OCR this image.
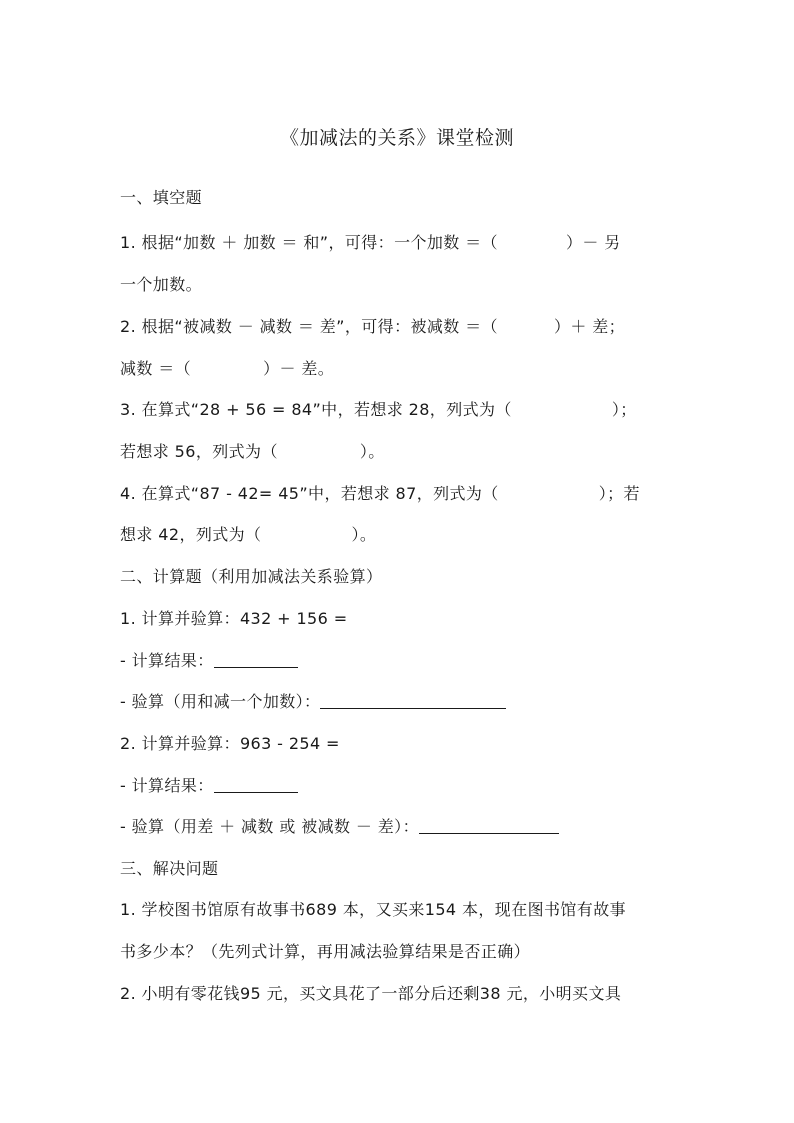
《加减法的关系》课堂检测
一、填空题
1. 根据“加数 ＋ 加数 ＝ 和”，可得：一个加数 ＝（	）－ 另
一个加数。
2. 根据“被减数 － 减数 ＝ 差”，可得：被减数 ＝（	）＋ 差；
减数 ＝（	）－ 差。
3. 在算式“28 + 56 = 84”中，若想求 28，列式为（	）；
若想求 56，列式为（	）。
4. 在算式“87 - 42= 45”中，若想求 87，列式为（	）；若
想求 42，列式为（	）。
二、计算题（利用加减法关系验算）
1. 计算并验算：432 + 156 =
- 计算结果：
- 验算（用和减一个加数）：
2. 计算并验算：963 - 254 =
- 计算结果：
- 验算（用差 ＋ 减数 或 被减数 － 差）：
三、解决问题
1. 学校图书馆原有故事书689 本，又买来154 本，现在图书馆有故事
书多少本？（先列式计算，再用减法验算结果是否正确）
2. 小明有零花钱95 元，买文具花了一部分后还剩38 元，小明买文具
